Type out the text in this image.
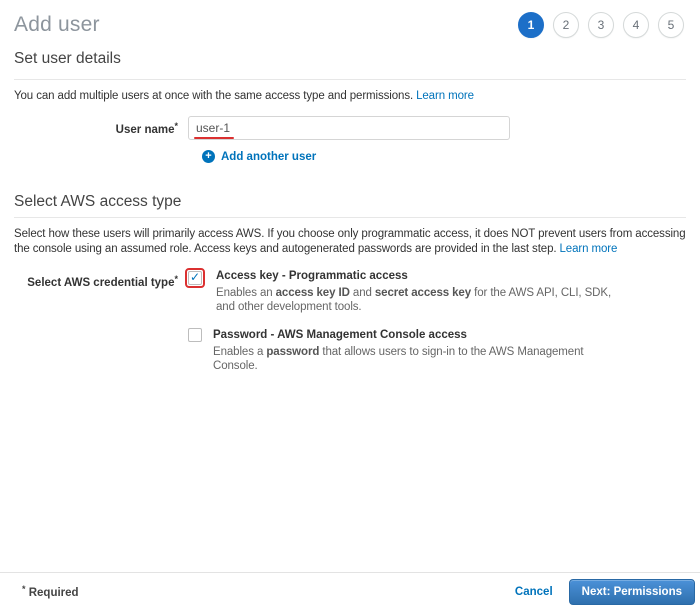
Add user	1	2	3	4	5
Set user details
You can add multiple users at once with the same access type and permissions. Learn more
User name*
user-1
+ Add another user
Select AWS access type
Select how these users will primarily access AWS. If you choose only programmatic access, it does NOT prevent users from accessing the console using an assumed role. Access keys and autogenerated passwords are provided in the last step. Learn more
Select AWS credential type* ✓ Access key - Programmatic access
Enables an access key ID and secret access key for the AWS API, CLI, SDK, and other development tools.
Password - AWS Management Console access
Enables a password that allows users to sign-in to the AWS Management Console.
* Required	Cancel	Next: Permissions
